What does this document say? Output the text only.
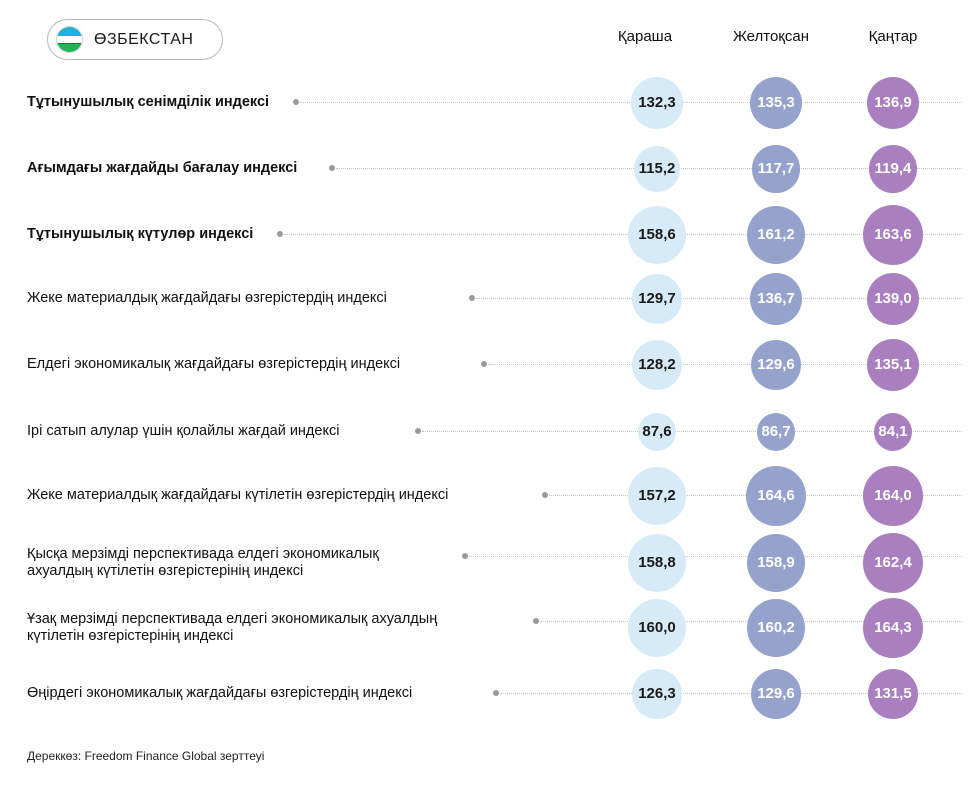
ӨЗБЕКСТАН	Қараша	Желтоқсан	Қаңтар
Тұтынушылық сенімділік индексі	132,3	135,3	136,9
Ағымдағы жағдайды бағалау индексі	115,2	117,7	119,4
Тұтынушылық күтулөр индексі	158,6	161,2	163,6
Жеке материалдық жағдайдағы өзгерістердің индексі	129,7	136,7	139,0
Елдегі экономикалық жағдайдағы өзгерістердің индексі	128,2	129,6	135,1
Ірі сатып алулар үшін қолайлы жағдай индексі	87,6	86,7	84,1
Жеке материалдық жағдайдағы күтілетін өзгерістердің индексі	157,2	164,6	164,0
Қысқа мерзімді перспективада елдегі экономикалық
ахуалдың күтілетін өзгерістерінің индексі	158,8	158,9	162,4
Ұзақ мерзімді перспективада елдегі экономикалық ахуалдың
күтілетін өзгерістерінің индексі	160,0	160,2	164,3
Өңірдегі экономикалық жағдайдағы өзгерістердің индексі	126,3	129,6	131,5
Дереккөз: Freedom Finance Global зерттеуі
